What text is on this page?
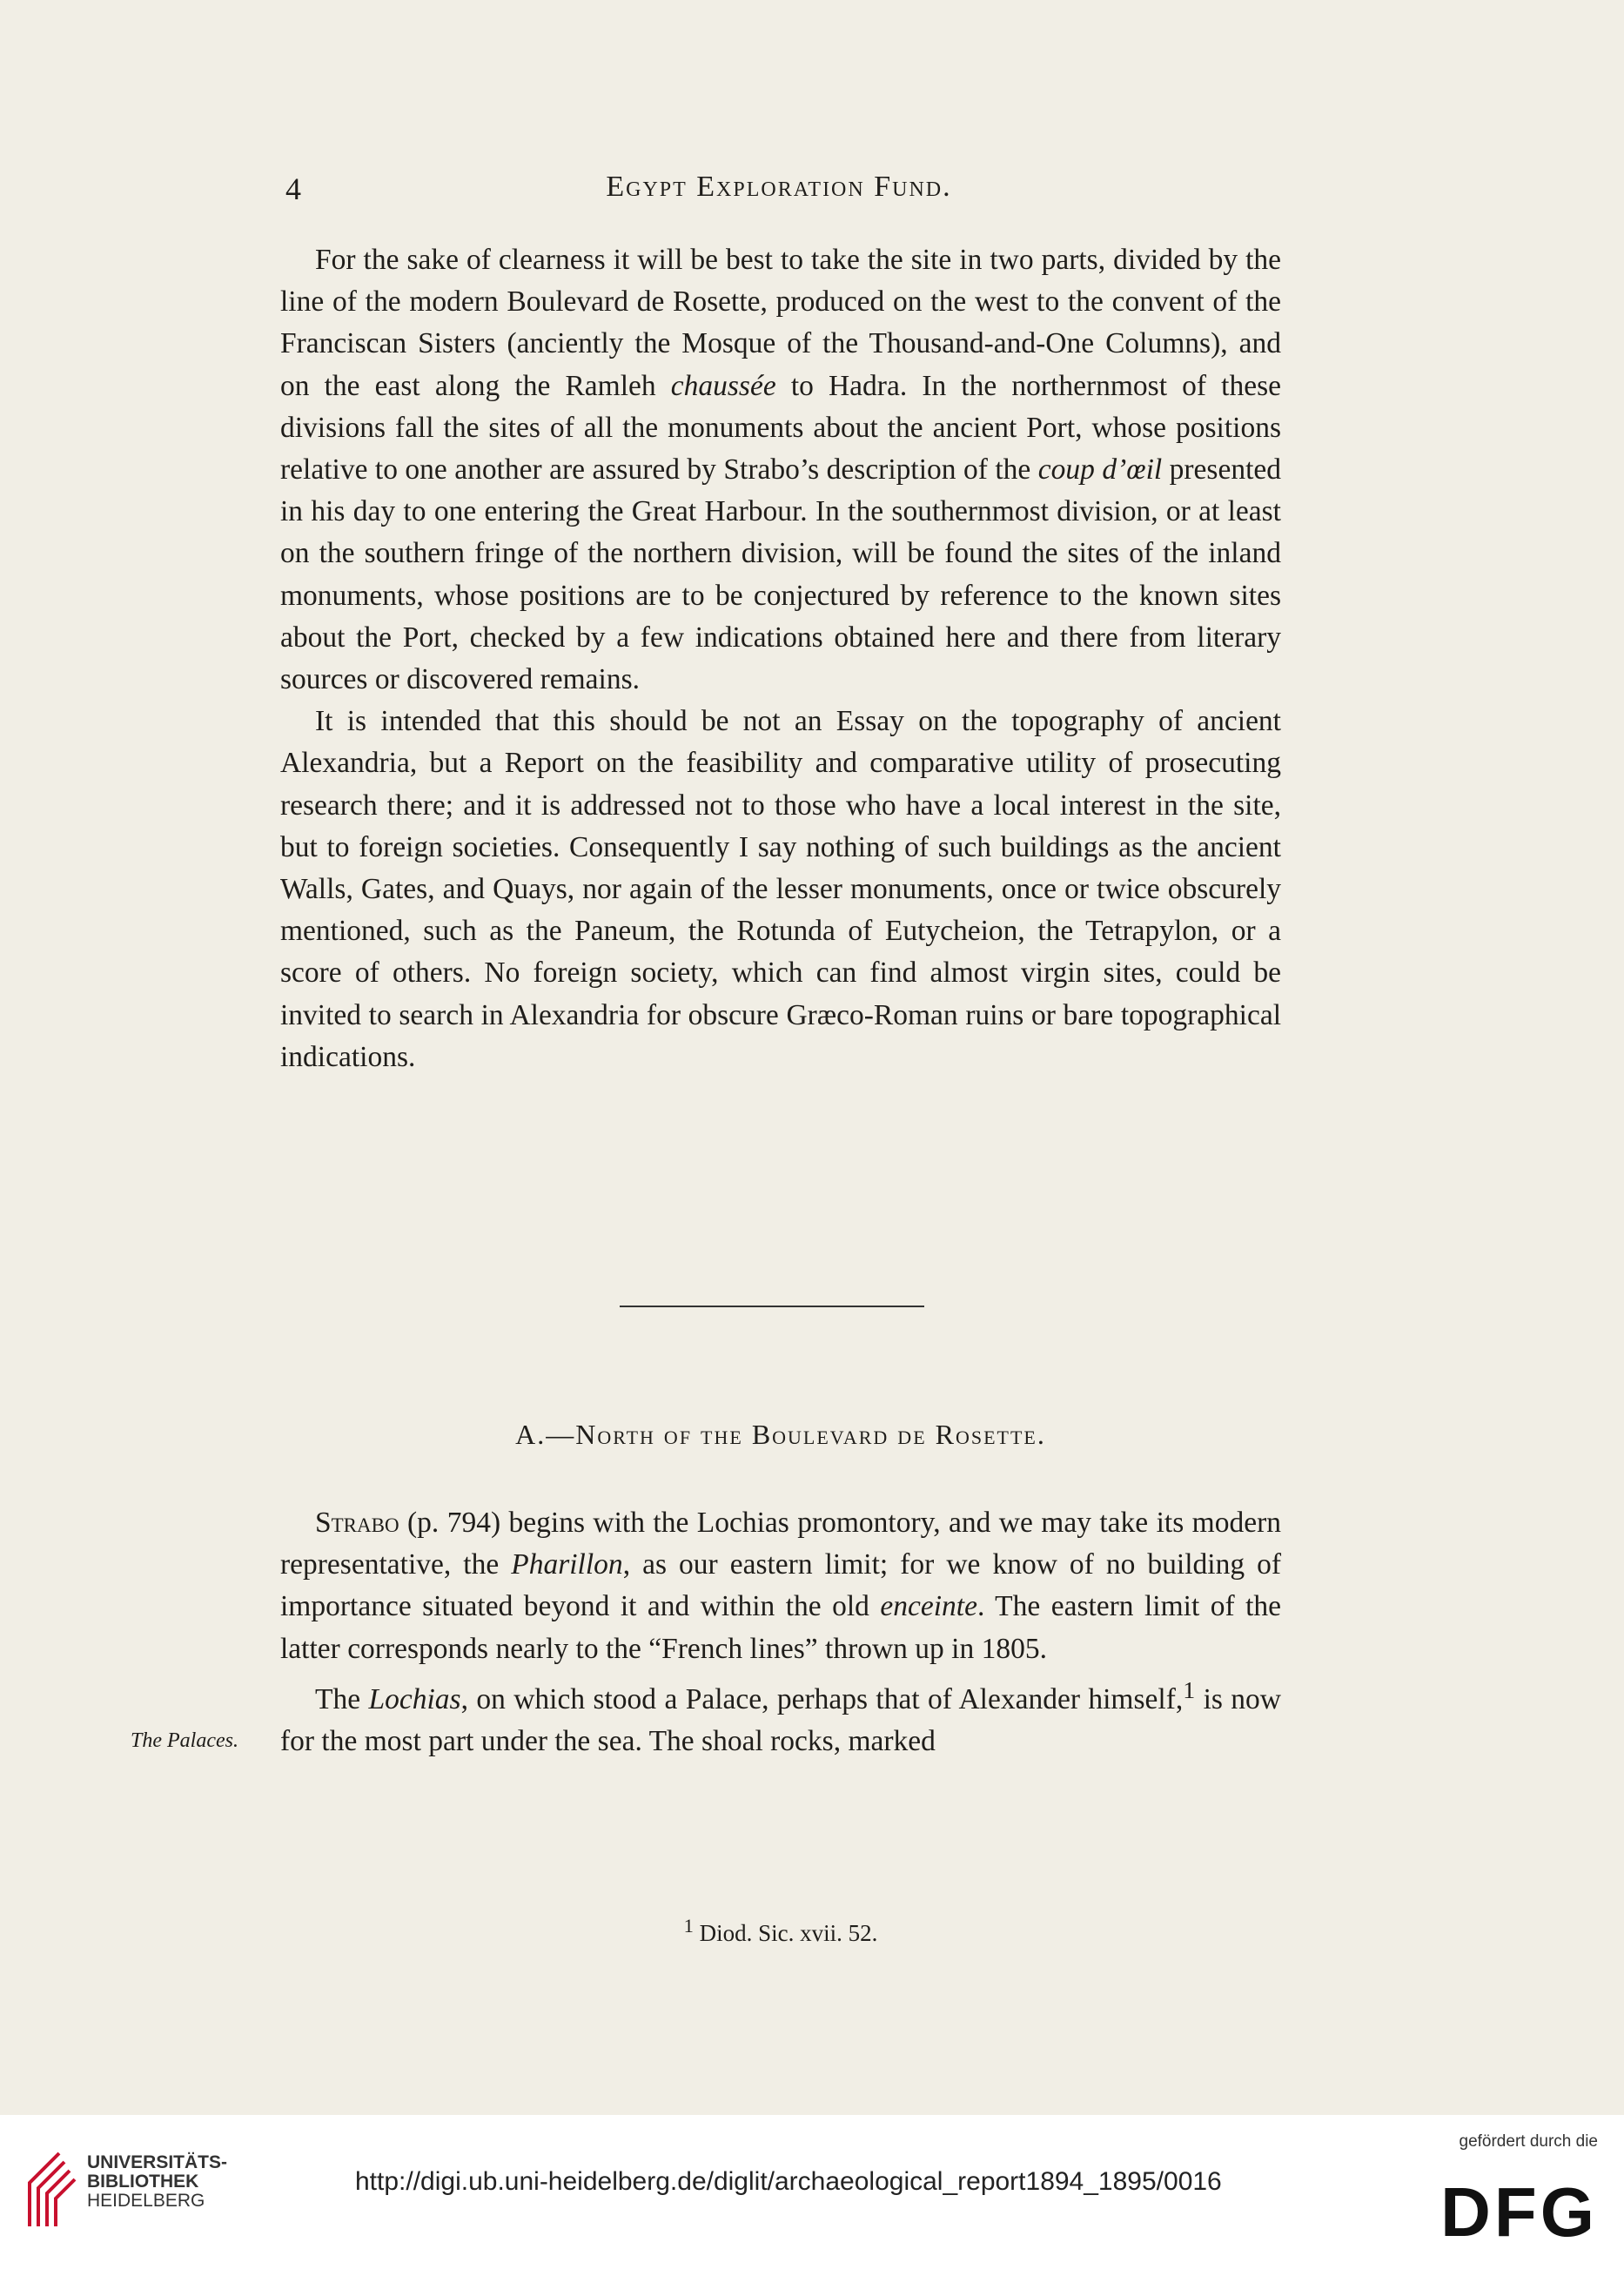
4	Egypt Exploration Fund.

For the sake of clearness it will be best to take the site in two parts, divided by the line of the modern Boulevard de Rosette, produced on the west to the convent of the Franciscan Sisters (anciently the Mosque of the Thousand-and-One Columns), and on the east along the Ramleh chaussée to Hadra. In the northernmost of these divisions fall the sites of all the monuments about the ancient Port, whose positions relative to one another are assured by Strabo’s description of the coup d’œil presented in his day to one entering the Great Harbour. In the southernmost division, or at least on the southern fringe of the northern division, will be found the sites of the inland monuments, whose positions are to be conjectured by reference to the known sites about the Port, checked by a few indications obtained here and there from literary sources or discovered remains.

It is intended that this should be not an Essay on the topography of ancient Alexandria, but a Report on the feasibility and comparative utility of prosecuting research there; and it is addressed not to those who have a local interest in the site, but to foreign societies. Consequently I say nothing of such buildings as the ancient Walls, Gates, and Quays, nor again of the lesser monuments, once or twice obscurely mentioned, such as the Paneum, the Rotunda of Eutycheion, the Tetrapylon, or a score of others. No foreign society, which can find almost virgin sites, could be invited to search in Alexandria for obscure Græco-Roman ruins or bare topographical indications.

A.—North of the Boulevard de Rosette.
The Palaces.

Strabo (p. 794) begins with the Lochias promontory, and we may take its modern representative, the Pharillon, as our eastern limit; for we know of no building of importance situated beyond it and within the old enceinte. The eastern limit of the latter corresponds nearly to the “French lines” thrown up in 1805.

The Lochias, on which stood a Palace, perhaps that of Alexander himself,$^1$ is now for the most part under the sea. The shoal rocks, marked

$^1$ Diod. Sic. xvii. 52.
UNIVERSITÄTS-
BIBLIOTHEK
HEIDELBERG
http://digi.ub.uni-heidelberg.de/diglit/archaeological_report1894_1895/0016
gefördert durch die
DFG
